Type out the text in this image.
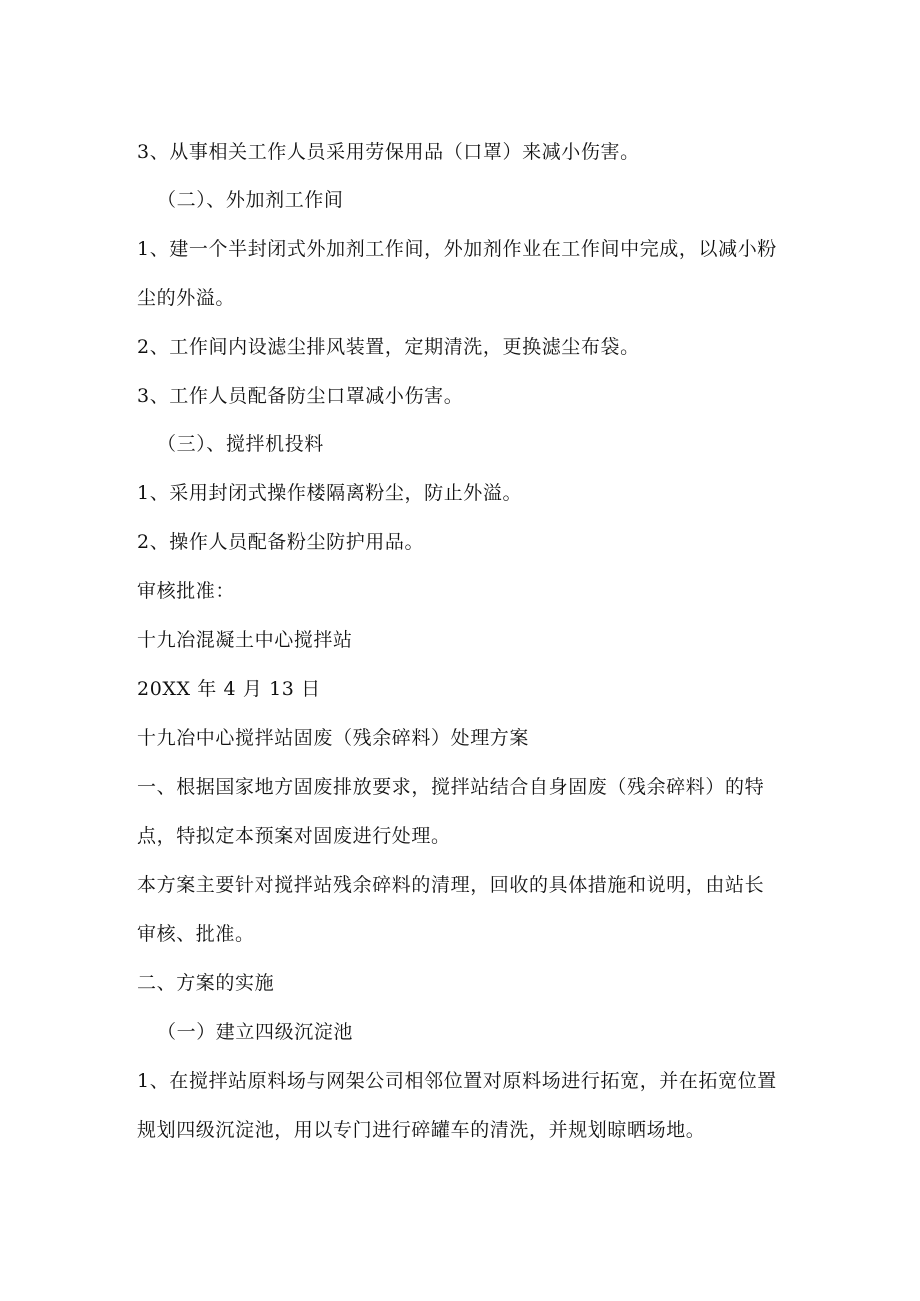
3、从事相关工作人员采用劳保用品（口罩）来减小伤害。
（二）、外加剂工作间
1、建一个半封闭式外加剂工作间，外加剂作业在工作间中完成，以减小粉
尘的外溢。
2、工作间内设滤尘排风装置，定期清洗，更换滤尘布袋。
3、工作人员配备防尘口罩减小伤害。
（三）、搅拌机投料
1、采用封闭式操作楼隔离粉尘，防止外溢。
2、操作人员配备粉尘防护用品。
审核批准：
十九冶混凝土中心搅拌站
20XX 年 4 月 13 日
十九冶中心搅拌站固废（残余碎料）处理方案
一、根据国家地方固废排放要求，搅拌站结合自身固废（残余碎料）的特
点，特拟定本预案对固废进行处理。
本方案主要针对搅拌站残余碎料的清理，回收的具体措施和说明，由站长
审核、批准。
二、方案的实施
（一）建立四级沉淀池
1、在搅拌站原料场与网架公司相邻位置对原料场进行拓宽，并在拓宽位置
规划四级沉淀池，用以专门进行碎罐车的清洗，并规划晾晒场地。
